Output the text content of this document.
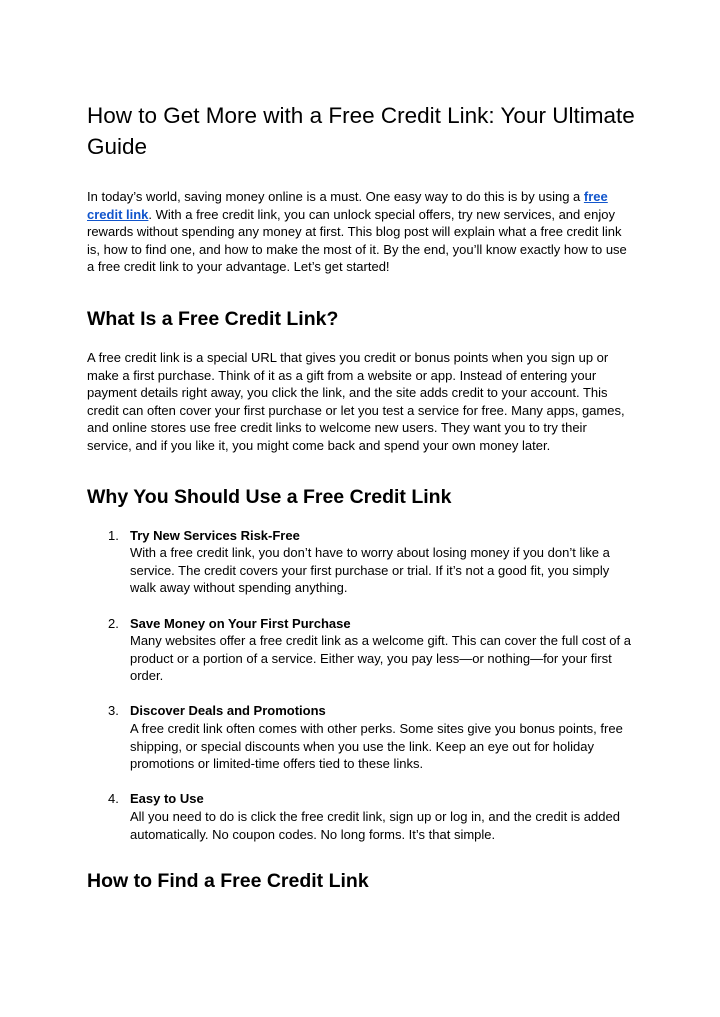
How to Get More with a Free Credit Link: Your Ultimate Guide

In today’s world, saving money online is a must. One easy way to do this is by using a free credit link. With a free credit link, you can unlock special offers, try new services, and enjoy rewards without spending any money at first. This blog post will explain what a free credit link is, how to find one, and how to make the most of it. By the end, you’ll know exactly how to use a free credit link to your advantage. Let’s get started!

What Is a Free Credit Link?

A free credit link is a special URL that gives you credit or bonus points when you sign up or make a first purchase. Think of it as a gift from a website or app. Instead of entering your payment details right away, you click the link, and the site adds credit to your account. This credit can often cover your first purchase or let you test a service for free. Many apps, games, and online stores use free credit links to welcome new users. They want you to try their service, and if you like it, you might come back and spend your own money later.

Why You Should Use a Free Credit Link
1. Try New Services Risk-Free
With a free credit link, you don’t have to worry about losing money if you don’t like a service. The credit covers your first purchase or trial. If it’s not a good fit, you simply walk away without spending anything.
2. Save Money on Your First Purchase
Many websites offer a free credit link as a welcome gift. This can cover the full cost of a product or a portion of a service. Either way, you pay less—or nothing—for your first order.
3. Discover Deals and Promotions
A free credit link often comes with other perks. Some sites give you bonus points, free shipping, or special discounts when you use the link. Keep an eye out for holiday promotions or limited-time offers tied to these links.
4. Easy to Use
All you need to do is click the free credit link, sign up or log in, and the credit is added automatically. No coupon codes. No long forms. It’s that simple.
How to Find a Free Credit Link
